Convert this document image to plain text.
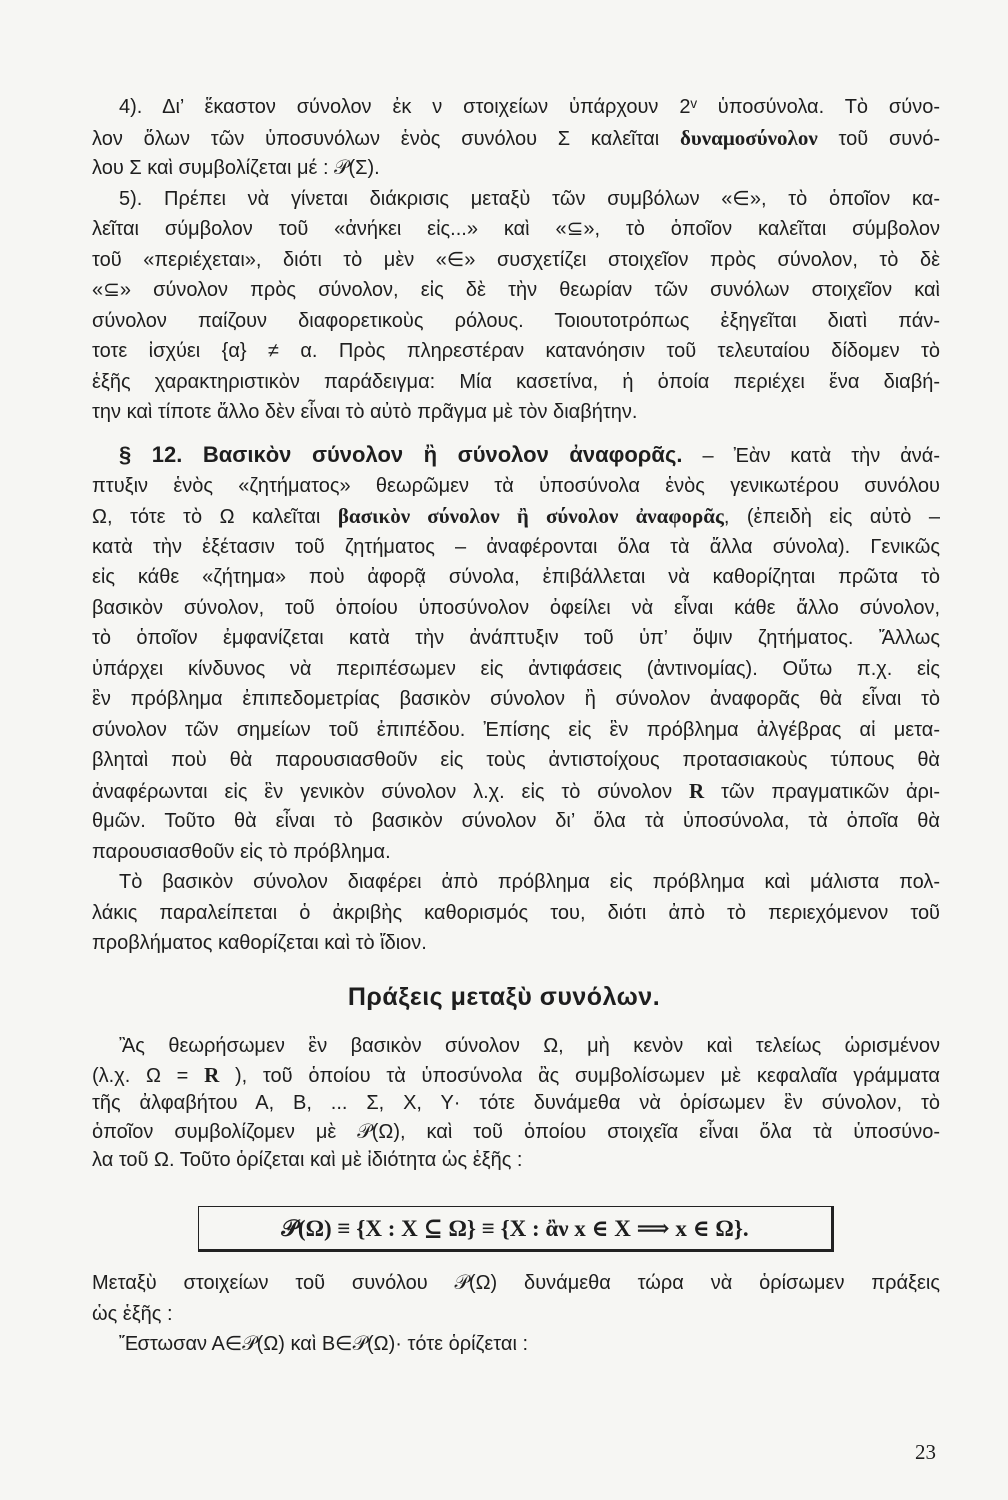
4). Δι’ ἕκαστον σύνολον ἐκ ν στοιχείων ὑπάρχουν 2ᵛ ὑποσύνολα. Τὸ σύνο-
λον ὅλων τῶν ὑποσυνόλων ἑνὸς συνόλου Σ καλεῖται δυναμοσύνολον τοῦ συνό-
λου Σ καὶ συμβολίζεται μέ : 𝒫(Σ).
5). Πρέπει νὰ γίνεται διάκρισις μεταξὺ τῶν συμβόλων «∈», τὸ ὁποῖον κα-
λεῖται σύμβολον τοῦ «ἀνήκει εἰς...» καὶ «⊆», τὸ ὁποῖον καλεῖται σύμβολον
τοῦ «περιέχεται», διότι τὸ μὲν «∈» συσχετίζει στοιχεῖον πρὸς σύνολον, τὸ δὲ
«⊆» σύνολον πρὸς σύνολον, εἰς δὲ τὴν θεωρίαν τῶν συνόλων στοιχεῖον καὶ
σύνολον παίζουν διαφορετικοὺς ρόλους. Τοιουτοτρόπως ἐξηγεῖται διατὶ πάν-
τοτε ἰσχύει {α} ≠ α. Πρὸς πληρεστέραν κατανόησιν τοῦ τελευταίου δίδομεν τὸ
ἑξῆς χαρακτηριστικὸν παράδειγμα: Μία κασετίνα, ἡ ὁποία περιέχει ἕνα διαβή-
την καὶ τίποτε ἄλλο δὲν εἶναι τὸ αὐτὸ πρᾶγμα μὲ τὸν διαβήτην.
§ 12. Βασικὸν σύνολον ἢ σύνολον ἀναφορᾶς. – Ἐὰν κατὰ τὴν ἀνά-
πτυξιν ἑνὸς «ζητήματος» θεωρῶμεν τὰ ὑποσύνολα ἑνὸς γενικωτέρου συνόλου
Ω, τότε τὸ Ω καλεῖται βασικὸν σύνολον ἢ σύνολον ἀναφορᾶς, (ἐπειδὴ εἰς αὐτὸ –
κατὰ τὴν ἐξέτασιν τοῦ ζητήματος – ἀναφέρονται ὅλα τὰ ἄλλα σύνολα). Γενικῶς
εἰς κάθε «ζήτημα» ποὺ ἀφορᾷ σύνολα, ἐπιβάλλεται νὰ καθορίζηται πρῶτα τὸ
βασικὸν σύνολον, τοῦ ὁποίου ὑποσύνολον ὀφείλει νὰ εἶναι κάθε ἄλλο σύνολον,
τὸ ὁποῖον ἐμφανίζεται κατὰ τὴν ἀνάπτυξιν τοῦ ὑπ’ ὄψιν ζητήματος. Ἄλλως
ὑπάρχει κίνδυνος νὰ περιπέσωμεν εἰς ἀντιφάσεις (ἀντινομίας). Οὕτω π.χ. εἰς
ἓν πρόβλημα ἐπιπεδομετρίας βασικὸν σύνολον ἢ σύνολον ἀναφορᾶς θὰ εἶναι τὸ
σύνολον τῶν σημείων τοῦ ἐπιπέδου. Ἐπίσης εἰς ἓν πρόβλημα ἀλγέβρας αἱ μετα-
βληταὶ ποὺ θὰ παρουσιασθοῦν εἰς τοὺς ἀντιστοίχους προτασιακοὺς τύπους θὰ
ἀναφέρωνται εἰς ἓν γενικὸν σύνολον λ.χ. εἰς τὸ σύνολον R τῶν πραγματικῶν ἀρι-
θμῶν. Τοῦτο θὰ εἶναι τὸ βασικὸν σύνολον δι’ ὅλα τὰ ὑποσύνολα, τὰ ὁποῖα θὰ
παρουσιασθοῦν εἰς τὸ πρόβλημα.
Τὸ βασικὸν σύνολον διαφέρει ἀπὸ πρόβλημα εἰς πρόβλημα καὶ μάλιστα πολ-
λάκις παραλείπεται ὁ ἀκριβὴς καθορισμός του, διότι ἀπὸ τὸ περιεχόμενον τοῦ
προβλήματος καθορίζεται καὶ τὸ ἴδιον.
Πράξεις μεταξὺ συνόλων.
Ἂς θεωρήσωμεν ἓν βασικὸν σύνολον Ω, μὴ κενὸν καὶ τελείως ὡρισμένον
(λ.χ. Ω = R ), τοῦ ὁποίου τὰ ὑποσύνολα ἂς συμβολίσωμεν μὲ κεφαλαῖα γράμματα
τῆς ἀλφαβήτου Α, Β, ... Σ, Χ, Υ· τότε δυνάμεθα νὰ ὁρίσωμεν ἓν σύνολον, τὸ
ὁποῖον συμβολίζομεν μὲ 𝒫(Ω), καὶ τοῦ ὁποίου στοιχεῖα εἶναι ὅλα τὰ ὑποσύνο-
λα τοῦ Ω. Τοῦτο ὁρίζεται καὶ μὲ ἰδιότητα ὡς ἑξῆς :
𝒫(Ω) ≡ {X : X ⊆ Ω} ≡ {X : ἂν x ∈ X ⟹ x ∈ Ω}.
Μεταξὺ στοιχείων τοῦ συνόλου 𝒫(Ω) δυνάμεθα τώρα νὰ ὁρίσωμεν πράξεις
ὡς ἑξῆς :
Ἔστωσαν Α∈𝒫(Ω) καὶ Β∈𝒫(Ω)· τότε ὁρίζεται :
23
